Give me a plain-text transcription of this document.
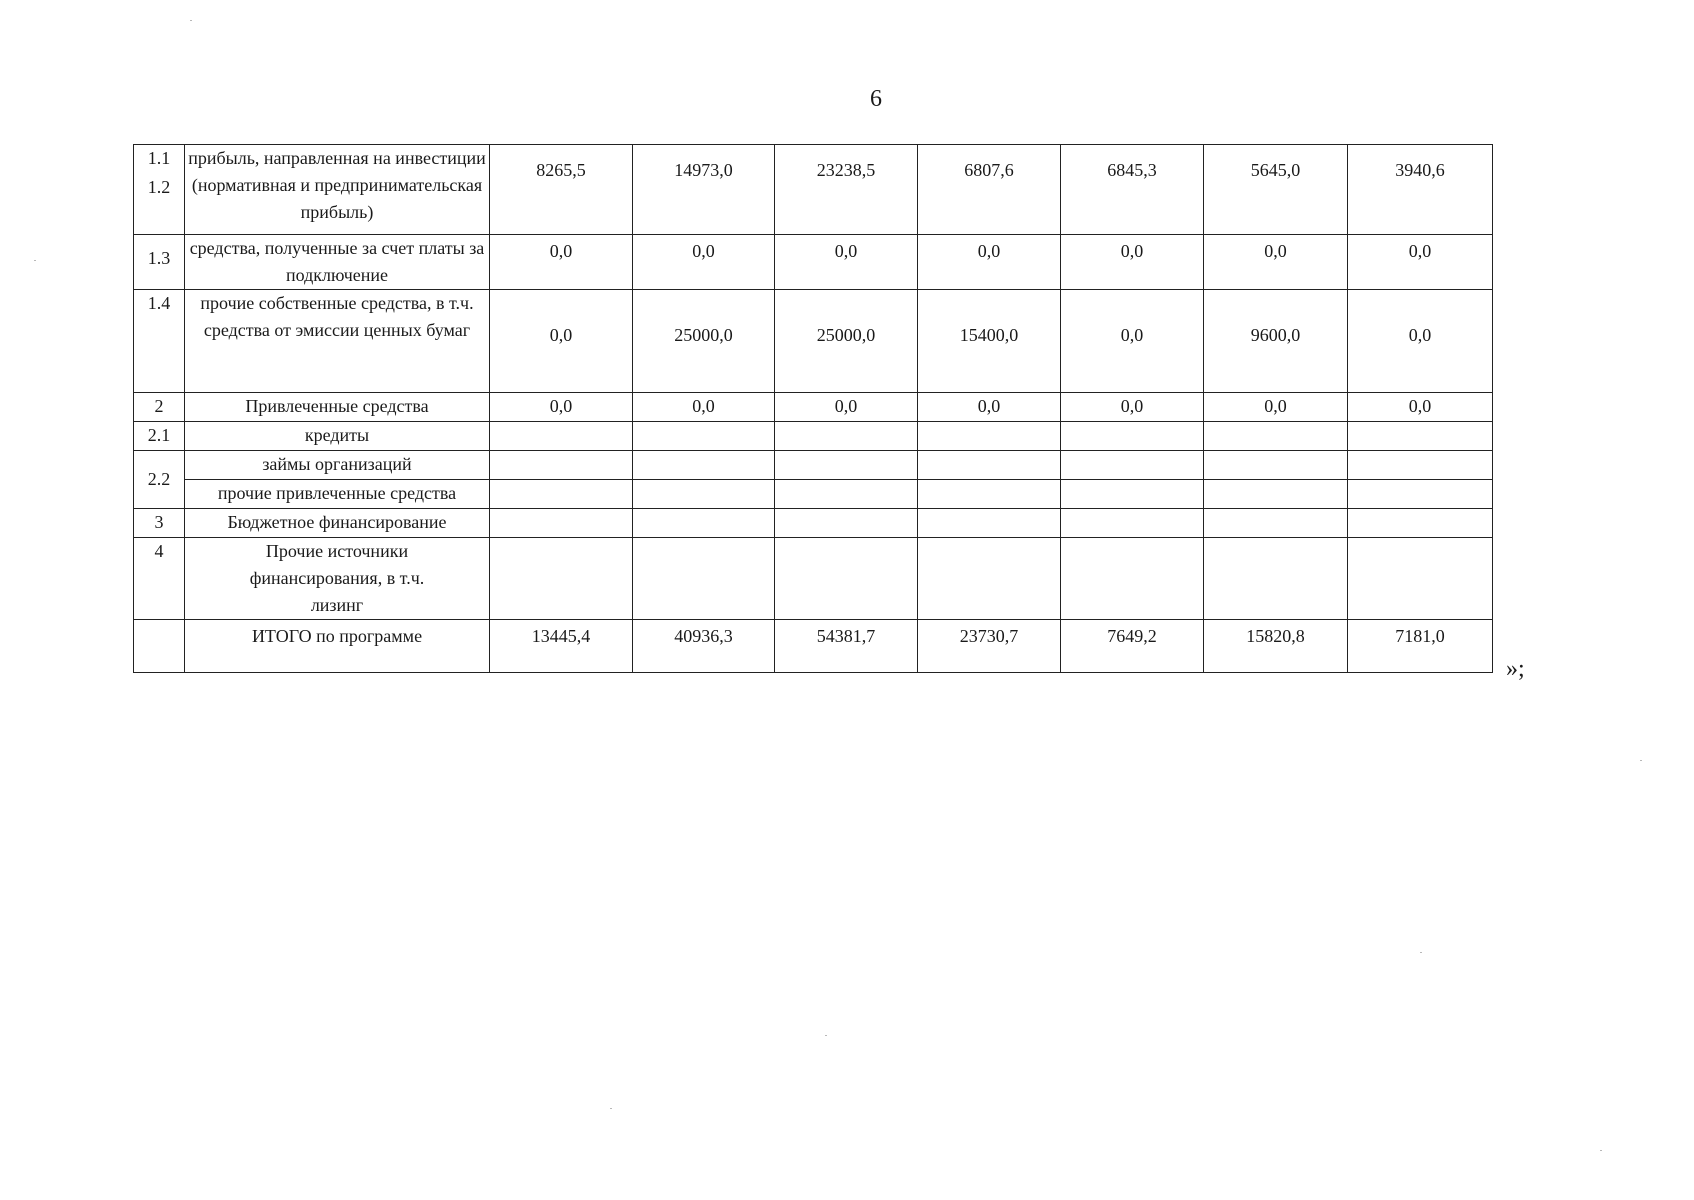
6
1.1
1.2	прибыль, направленная на инвестиции (нормативная и предпринимательская прибыль)	8265,5	14973,0	23238,5	6807,6	6845,3	5645,0	3940,6

1.3	средства, полученные за счет платы за подключение	0,0	0,0	0,0	0,0	0,0	0,0	0,0

1.4	прочие собственные средства, в т.ч. средства от эмиссии ценных бумаг	0,0	25000,0	25000,0	15400,0	0,0	9600,0	0,0

2	Привлеченные средства	0,0	0,0	0,0	0,0	0,0	0,0	0,0

2.1	кредиты							

2.2	займы организаций							
	прочие привлеченные средства							

3	Бюджетное финансирование							

4	Прочие источники финансирования, в т.ч. лизинг							
	ИТОГО по программе	13445,4	40936,3	54381,7	23730,7	7649,2	15820,8	7181,0
»;
